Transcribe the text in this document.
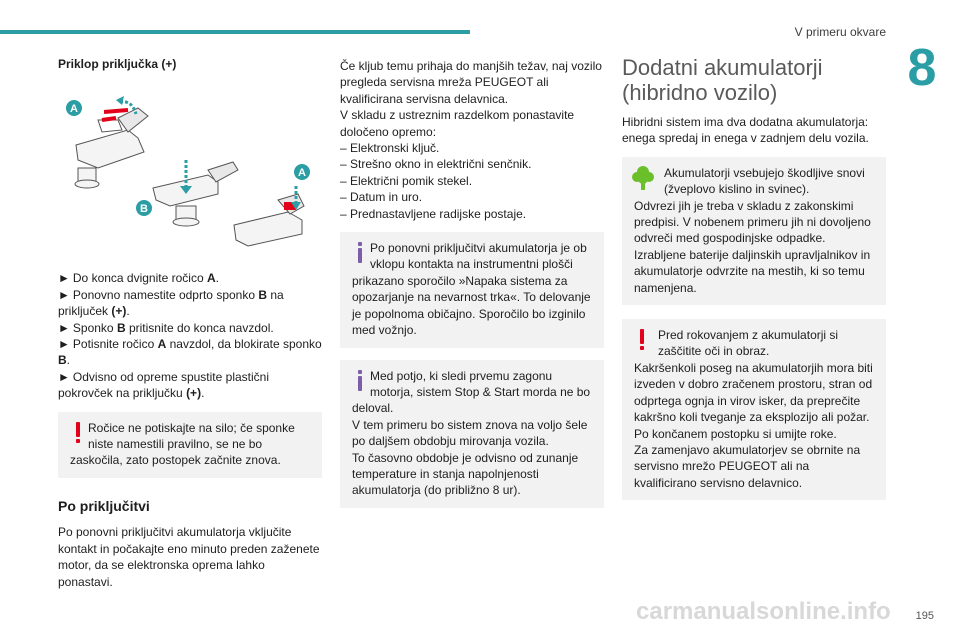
V primeru okvare
8
Priklop priključka (+)
A
B
A

► Do konca dvignite ročico A.

► Ponovno namestite odprto sponko B na priključek (+).

► Sponko B pritisnite do konca navzdol.

► Potisnite ročico A navzdol, da blokirate sponko B.

► Odvisno od opreme spustite plastični pokrovček na priključku (+).

Ročice ne potiskajte na silo; če sponke
niste namestili pravilno, se ne bo
zaskočila, zato postopek začnite znova.
Po priključitvi

Po ponovni priključitvi akumulatorja vključite kontakt in počakajte eno minuto preden zaženete motor, da se elektronska oprema lahko ponastavi.

Če kljub temu prihaja do manjših težav, naj vozilo pregleda servisna mreža PEUGEOT ali kvalificirana servisna delavnica.

V skladu z ustreznim razdelkom ponastavite določeno opremo:

– Elektronski ključ.

– Strešno okno in električni senčnik.

– Električni pomik stekel.

– Datum in uro.

– Prednastavljene radijske postaje.

Po ponovni priključitvi akumulatorja je ob vklopu kontakta na instrumentni plošči
prikazano sporočilo »Napaka sistema za opozarjanje na nevarnost trka«. To delovanje je popolnoma običajno. Sporočilo bo izginilo med vožnjo.
Med potjo, ki sledi prvemu zagonu motorja, sistem Stop & Start morda ne bo
deloval.
V tem primeru bo sistem znova na voljo šele po daljšem obdobju mirovanja vozila.
To časovno obdobje je odvisno od zunanje temperature in stanja napolnjenosti akumulatorja (do približno 8 ur).
Dodatni akumulatorji
(hibridno vozilo)

Hibridni sistem ima dva dodatna akumulatorja: enega spredaj in enega v zadnjem delu vozila.

Akumulatorji vsebujejo škodljive snovi (žveplovo kislino in svinec).
Odvrezi jih je treba v skladu z zakonskimi predpisi. V nobenem primeru jih ni dovoljeno odvreči med gospodinjske odpadke.
Izrabljene baterije daljinskih upravljalnikov in akumulatorje odvrzite na mestih, ki so temu namenjena.
Pred rokovanjem z akumulatorji si zaščitite oči in obraz.
Kakršenkoli poseg na akumulatorjih mora biti izveden v dobro zračenem prostoru, stran od odprtega ognja in virov isker, da preprečite kakršno koli tveganje za eksplozijo ali požar.
Po končanem postopku si umijte roke.
Za zamenjavo akumulatorjev se obrnite na servisno mrežo PEUGEOT ali na kvalificirano servisno delavnico.
carmanualsonline.info 195
